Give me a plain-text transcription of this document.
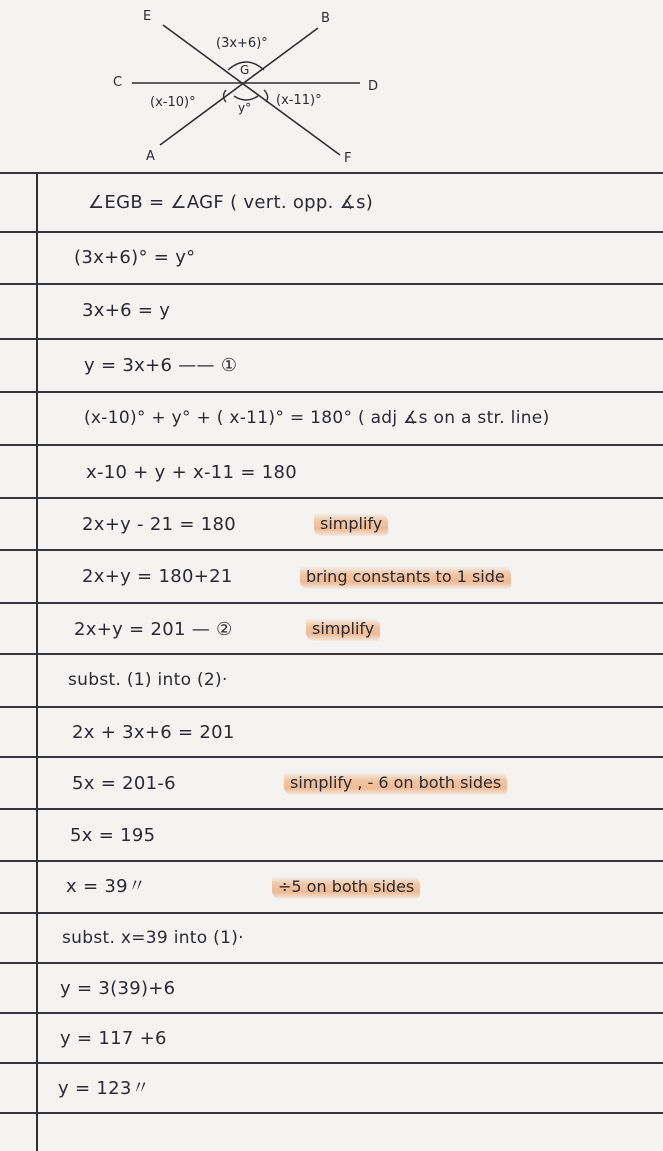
E	B
C	D
A	F
G
(3x+6)°
(x-10)°	y° (x-11)°
∠EGB = ∠AGF ( vert. opp. ∡s)
(3x+6)° = y°
3x+6 = y
y = 3x+6 —— ①
(x-10)° + y° + ( x-11)° = 180° ( adj ∡s on a str. line)
x-10 + y + x-11 = 180
2x+y - 21 = 180	simplify
2x+y = 180+21	bring constants to 1 side
2x+y = 201 — ②	simplify
subst. (1) into (2)·
2x + 3x+6 = 201
5x = 201-6	simplify , - 6 on both sides
5x = 195
x = 39〃	÷5 on both sides
subst. x=39 into (1)·
y = 3(39)+6
y = 117 +6
y = 123〃
